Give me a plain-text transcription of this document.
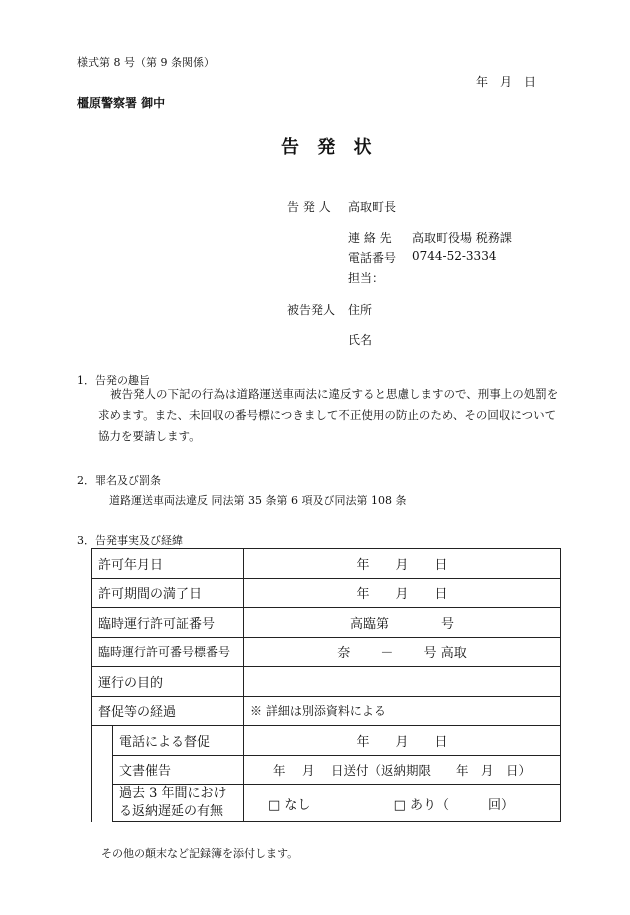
様式第 8 号（第 9 条関係）
年　月　日
橿原警察署 御中
告 発 状
告 発 人 高取町長
連 絡 先 高取町役場 税務課
電話番号 0744-52-3334
担当：
被告発人 住所
氏名
1．告発の趣旨
被告発人の下記の行為は道路運送車両法に違反すると思慮しますので、刑事上の処罰を求めます。また、未回収の番号標につきまして不正使用の防止のため、その回収について協力を要請します。
2．罪名及び罰条
道路運送車両法違反 同法第 35 条第 6 項及び同法第 108 条
3．告発事実及び経緯
許可年月日		年　　月　　日
許可期間の満了日		年　　月　　日
臨時運行許可証番号		高臨第　　　　号
臨時運行許可番号標番号		奈　　 －　　 号 高取
運行の目的		
督促等の経過		※ 詳細は別添資料による
	電話による督促	年　　月　　日
	文書催告	年　 月　 日送付（返納期限　　年　月　日）
	過去 3 年間における返納遅延の有無	□ なし □ あり（　　　回）
その他の顛末など記録簿を添付します。
